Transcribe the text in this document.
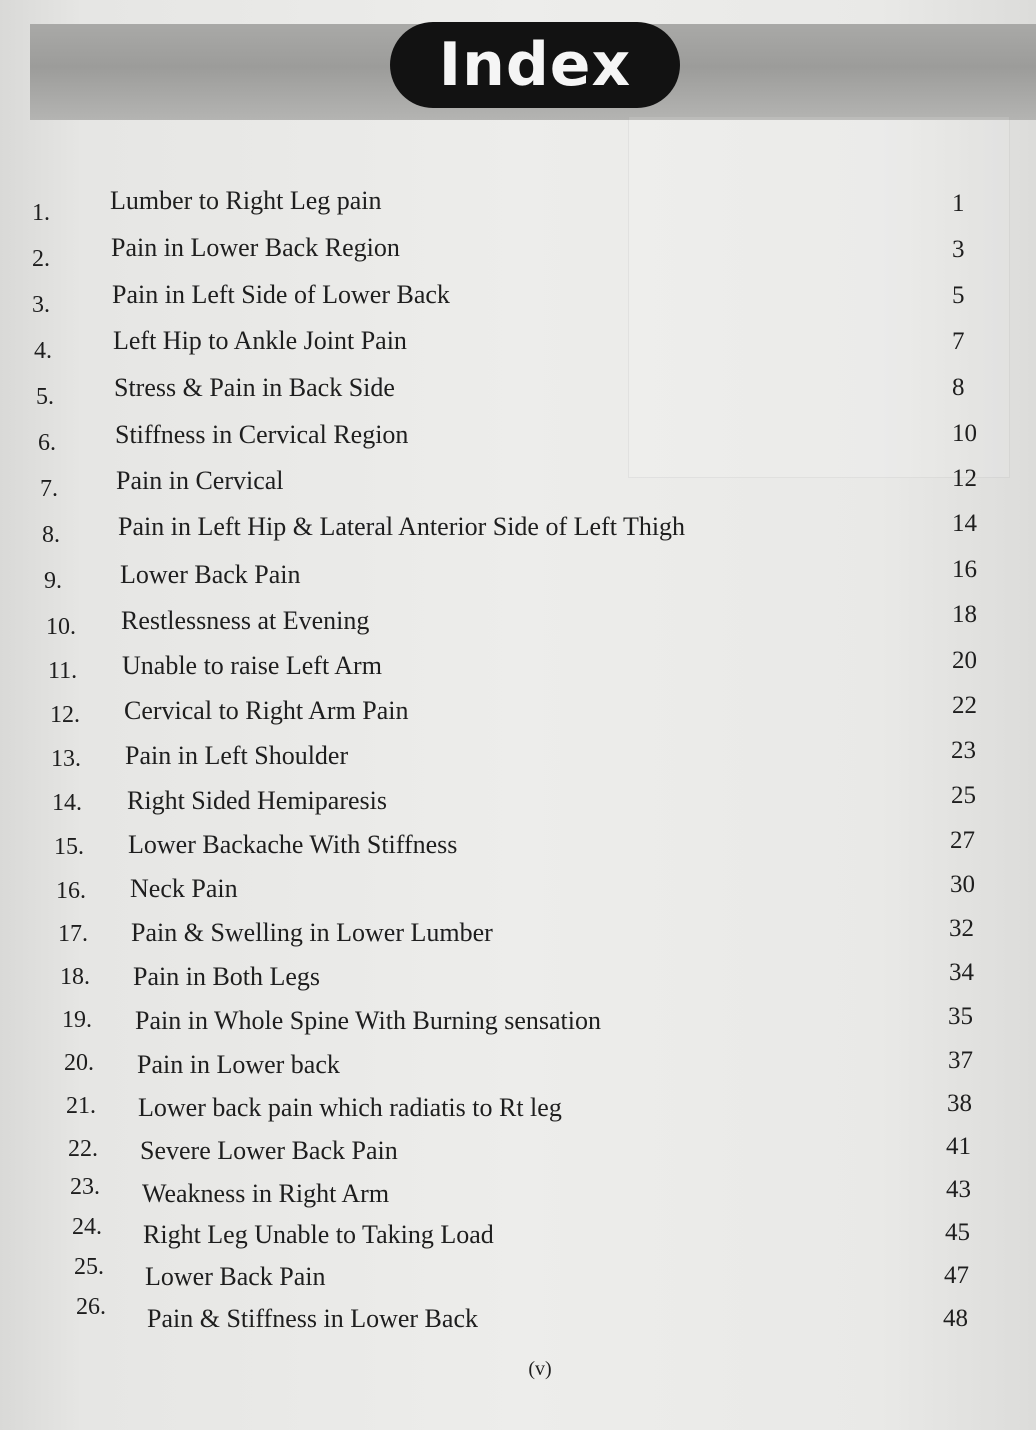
Index
1. Lumber to Right Leg pain	1
2. Pain in Lower Back Region	3
3. Pain in Left Side of Lower Back	5
4. Left Hip to Ankle Joint Pain	7
5. Stress & Pain in Back Side	8
6. Stiffness in Cervical Region	10
7. Pain in Cervical	12
8. Pain in Left Hip & Lateral Anterior Side of Left Thigh	14
9. Lower Back Pain	16
10. Restlessness at Evening	18
11. Unable to raise Left Arm	20
12. Cervical to Right Arm Pain	22
13. Pain in Left Shoulder	23
14. Right Sided Hemiparesis	25
15. Lower Backache With Stiffness	27
16. Neck Pain	30
17. Pain & Swelling in Lower Lumber	32
18. Pain in Both Legs	34
19. Pain in Whole Spine With Burning sensation	35
20. Pain in Lower back	37
21. Lower back pain which radiatis to Rt leg	38
22. Severe Lower Back Pain	41
23. Weakness in Right Arm	43
24. Right Leg Unable to Taking Load	45
25. Lower Back Pain	47
26. Pain & Stiffness in Lower Back	48
(v)
